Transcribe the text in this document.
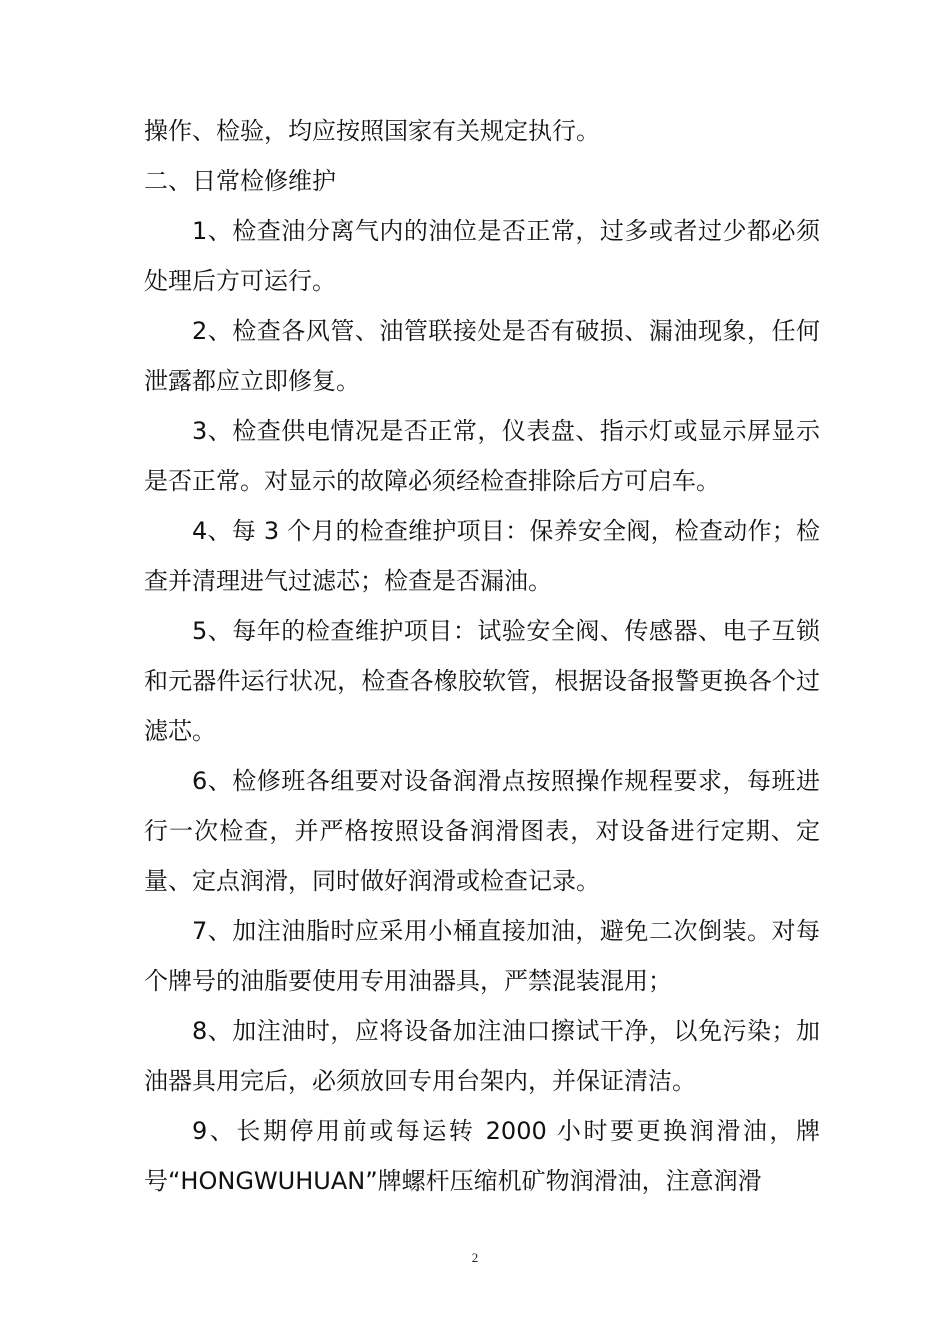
操作、检验，均应按照国家有关规定执行。

二、日常检修维护

1、检查油分离气内的油位是否正常，过多或者过少都必须处理后方可运行。

2、检查各风管、油管联接处是否有破损、漏油现象，任何泄露都应立即修复。

3、检查供电情况是否正常，仪表盘、指示灯或显示屏显示是否正常。对显示的故障必须经检查排除后方可启车。

4、每 3 个月的检查维护项目：保养安全阀，检查动作；检查并清理进气过滤芯；检查是否漏油。

5、每年的检查维护项目：试验安全阀、传感器、电子互锁和元器件运行状况，检查各橡胶软管，根据设备报警更换各个过滤芯。

6、检修班各组要对设备润滑点按照操作规程要求，每班进行一次检查，并严格按照设备润滑图表，对设备进行定期、定量、定点润滑，同时做好润滑或检查记录。

7、加注油脂时应采用小桶直接加油，避免二次倒装。对每个牌号的油脂要使用专用油器具，严禁混装混用；

8、加注油时，应将设备加注油口擦试干净，以免污染；加油器具用完后，必须放回专用台架内，并保证清洁。

9、长期停用前或每运转 2000 小时要更换润滑油，牌号“HONGWUHUAN”牌螺杆压缩机矿物润滑油，注意润滑

2
